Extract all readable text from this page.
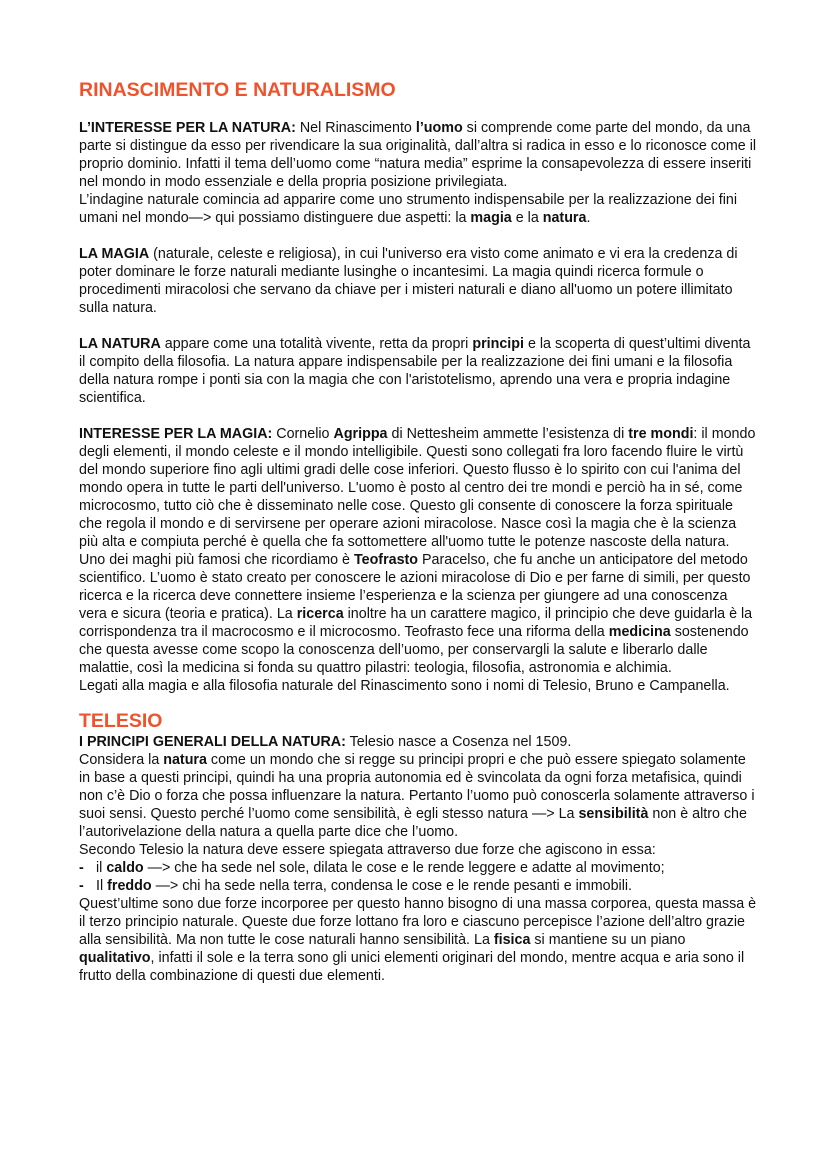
RINASCIMENTO E NATURALISMO

L’INTERESSE PER LA NATURA: Nel Rinascimento l’uomo si comprende come parte del mondo, da una parte si distingue da esso per rivendicare la sua originalità, dall’altra si radica in esso e lo riconosce come il proprio dominio. Infatti il tema dell’uomo come “natura media” esprime la consapevolezza di essere inseriti nel mondo in modo essenziale e della propria posizione privilegiata.

L’indagine naturale comincia ad apparire come uno strumento indispensabile per la realizzazione dei fini umani nel mondo—> qui possiamo distinguere due aspetti: la magia e la natura.

LA MAGIA (naturale, celeste e religiosa), in cui l'universo era visto come animato e vi era la credenza di poter dominare le forze naturali mediante lusinghe o incantesimi. La magia quindi ricerca formule o procedimenti miracolosi che servano da chiave per i misteri naturali e diano all'uomo un potere illimitato sulla natura.

LA NATURA appare come una totalità vivente, retta da propri principi e la scoperta di quest’ultimi diventa il compito della filosofia. La natura appare indispensabile per la realizzazione dei fini umani e la filosofia della natura rompe i ponti sia con la magia che con l'aristotelismo, aprendo una vera e propria indagine scientifica.

INTERESSE PER LA MAGIA: Cornelio Agrippa di Nettesheim ammette l’esistenza di tre mondi: il mondo degli elementi, il mondo celeste e il mondo intelligibile. Questi sono collegati fra loro facendo fluire le virtù del mondo superiore fino agli ultimi gradi delle cose inferiori. Questo flusso è lo spirito con cui l'anima del mondo opera in tutte le parti dell'universo. L'uomo è posto al centro dei tre mondi e perciò ha in sé, come microcosmo, tutto ciò che è disseminato nelle cose. Questo gli consente di conoscere la forza spirituale che regola il mondo e di servirsene per operare azioni miracolose. Nasce così la magia che è la scienza più alta e compiuta perché è quella che fa sottomettere all'uomo tutte le potenze nascoste della natura.

Uno dei maghi più famosi che ricordiamo è Teofrasto Paracelso, che fu anche un anticipatore del metodo scientifico. L’uomo è stato creato per conoscere le azioni miracolose di Dio e per farne di simili, per questo ricerca e la ricerca deve connettere insieme l’esperienza e la scienza per giungere ad una conoscenza vera e sicura (teoria e pratica). La ricerca inoltre ha un carattere magico, il principio che deve guidarla è la corrispondenza tra il macrocosmo e il microcosmo. Teofrasto fece una riforma della medicina sostenendo che questa avesse come scopo la conoscenza dell’uomo, per conservargli la salute e liberarlo dalle malattie, così la medicina si fonda su quattro pilastri: teologia, filosofia, astronomia e alchimia.

Legati alla magia e alla filosofia naturale del Rinascimento sono i nomi di Telesio, Bruno e Campanella.

TELESIO

I PRINCIPI GENERALI DELLA NATURA: Telesio nasce a Cosenza nel 1509.

Considera la natura come un mondo che si regge su principi propri e che può essere spiegato solamente in base a questi principi, quindi ha una propria autonomia ed è svincolata da ogni forza metafisica, quindi non c’è Dio o forza che possa influenzare la natura. Pertanto l’uomo può conoscerla solamente attraverso i suoi sensi. Questo perché l’uomo come sensibilità, è egli stesso natura —> La sensibilità non è altro che l’autorivelazione della natura a quella parte dice che l’uomo.

Secondo Telesio la natura deve essere spiegata attraverso due forze che agiscono in essa:

- il caldo —> che ha sede nel sole, dilata le cose e le rende leggere e adatte al movimento;

- Il freddo —> chi ha sede nella terra, condensa le cose e le rende pesanti e immobili.

Quest’ultime sono due forze incorporee per questo hanno bisogno di una massa corporea, questa massa è il terzo principio naturale. Queste due forze lottano fra loro e ciascuno percepisce l’azione dell’altro grazie alla sensibilità. Ma non tutte le cose naturali hanno sensibilità. La fisica si mantiene su un piano qualitativo, infatti il sole e la terra sono gli unici elementi originari del mondo, mentre acqua e aria sono il frutto della combinazione di questi due elementi.
